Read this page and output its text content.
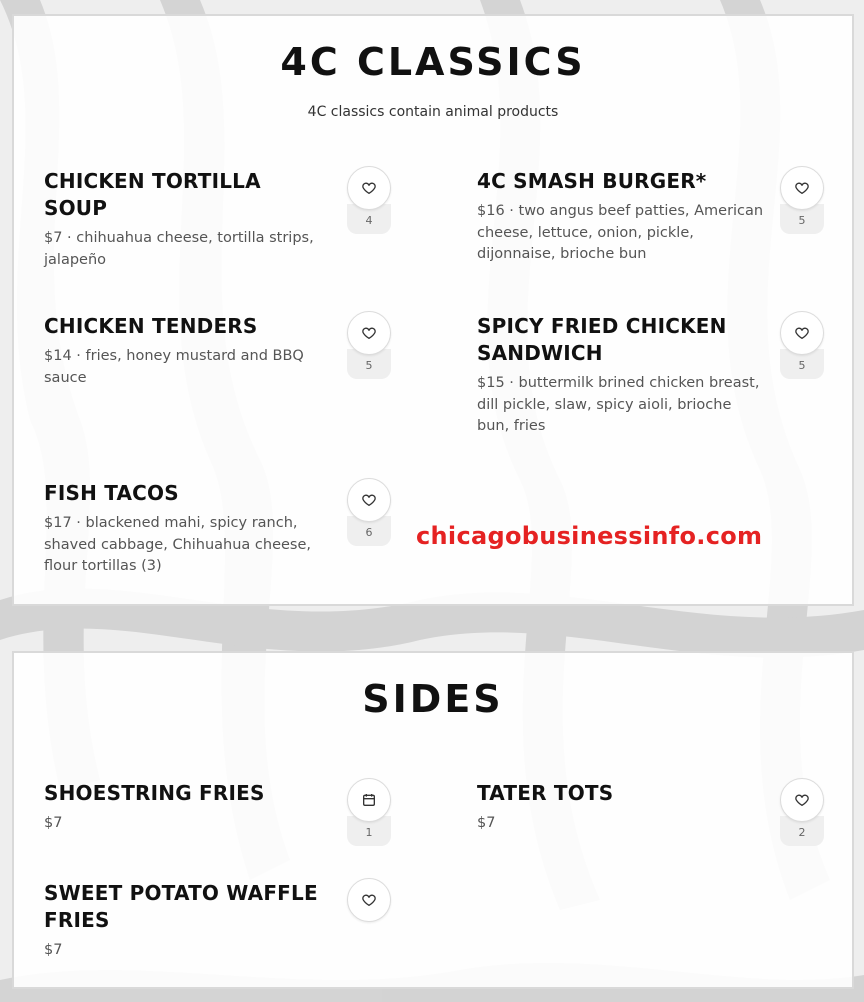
4C CLASSICS

4C classics contain animal products

CHICKEN TORTILLA SOUP
$7 · chihuahua cheese, tortilla strips, jalapeño
4
4C SMASH BURGER*
$16 · two angus beef patties, American cheese, lettuce, onion, pickle, dijonnaise, brioche bun
5
CHICKEN TENDERS
$14 · fries, honey mustard and BBQ sauce
5
SPICY FRIED CHICKEN SANDWICH
$15 · buttermilk brined chicken breast, dill pickle, slaw, spicy aioli, brioche bun, fries
5
FISH TACOS
$17 · blackened mahi, spicy ranch, shaved cabbage, Chihuahua cheese, flour tortillas (3)
6	chicagobusinessinfo.com
SIDES
SHOESTRING FRIES
$7
1
TATER TOTS
$7
2
SWEET POTATO WAFFLE FRIES
$7
